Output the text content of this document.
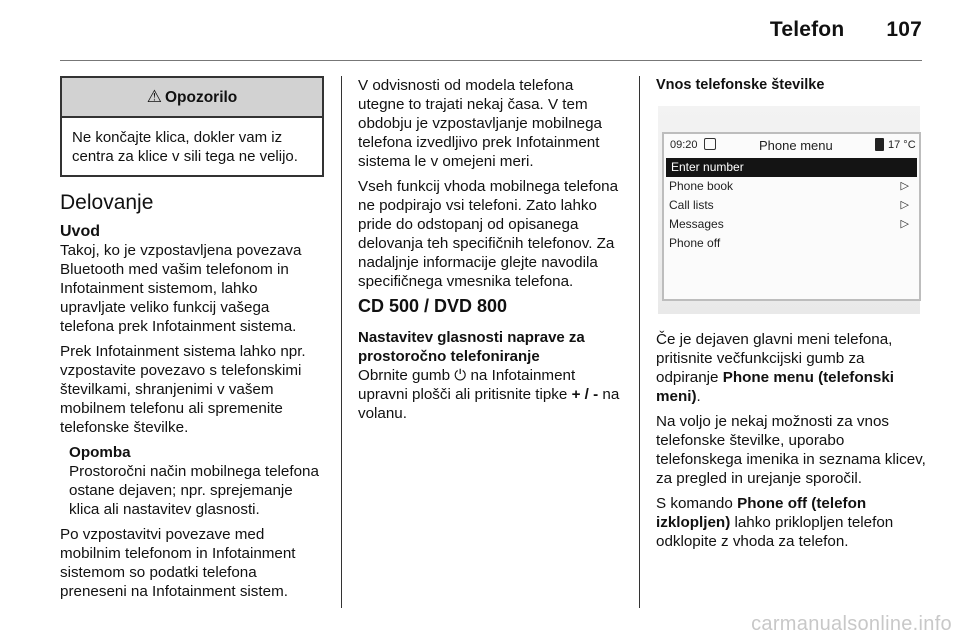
Telefon 107
⚠ Opozorilo
Ne končajte klica, dokler vam iz centra za klice v sili tega ne velijo.
Delovanje
Uvod

Takoj, ko je vzpostavljena povezava Bluetooth med vašim telefonom in Infotainment sistemom, lahko upravljate veliko funkcij vašega telefona prek Infotainment sistema.

Prek Infotainment sistema lahko npr. vzpostavite povezavo s telefonskimi številkami, shranjenimi v vašem mobilnem telefonu ali spremenite telefonske številke.

Opomba
Prostoročni način mobilnega telefona ostane dejaven; npr. sprejemanje klica ali nastavitev glasnosti.

Po vzpostavitvi povezave med mobilnim telefonom in Infotainment sistemom so podatki telefona preneseni na Infotainment sistem.

V odvisnosti od modela telefona utegne to trajati nekaj časa. V tem obdobju je vzpostavljanje mobilnega telefona izvedljivo prek Infotainment sistema le v omejeni meri.

Vseh funkcij vhoda mobilnega telefona ne podpirajo vsi telefoni. Zato lahko pride do odstopanj od opisanega delovanja teh specifičnih telefonov. Za nadaljnje informacije glejte navodila specifičnega vmesnika telefona.

CD 500 / DVD 800
Nastavitev glasnosti naprave za prostoročno telefoniranje

Obrnite gumb ⏻ na Infotainment upravni plošči ali pritisnite tipke + / - na volanu.

Vnos telefonske številke
09:20	Phone menu	17 °C
Enter number
Phone book	▷
Call lists	▷
Messages	▷
Phone off

Če je dejaven glavni meni telefona, pritisnite večfunkcijski gumb za odpiranje Phone menu (telefonski meni).

Na voljo je nekaj možnosti za vnos telefonske številke, uporabo telefonskega imenika in seznama klicev, za pregled in urejanje sporočil.

S komando Phone off (telefon izklopljen) lahko priklopljen telefon odklopite z vhoda za telefon.

carmanualsonline.info
